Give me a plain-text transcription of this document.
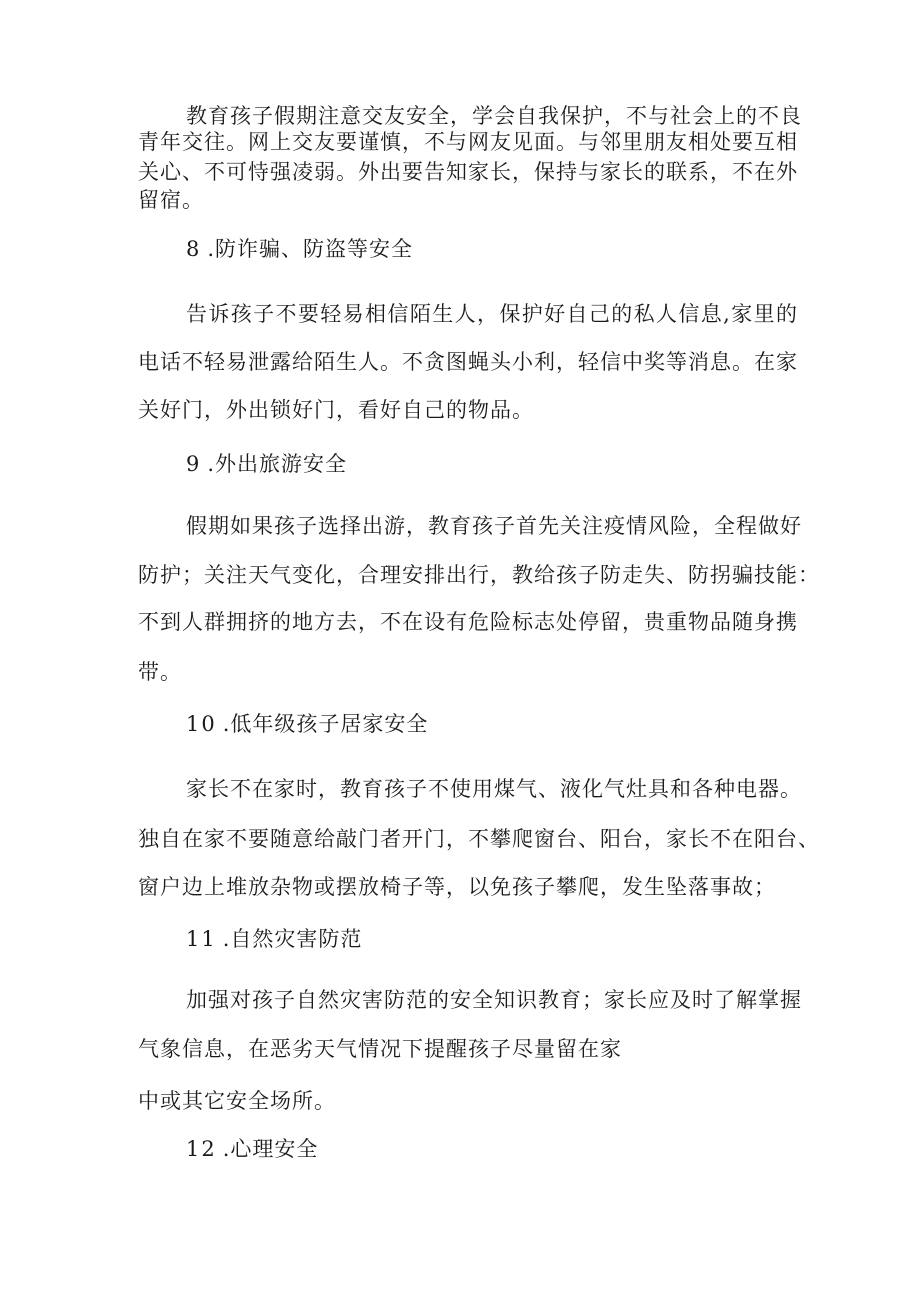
教育孩子假期注意交友安全，学会自我保护，不与社会上的不良
青年交往。网上交友要谨慎，不与网友见面。与邻里朋友相处要互相
关心、不可恃强凌弱。外出要告知家长，保持与家长的联系，不在外
留宿。
8 .防诈骗、防盗等安全
告诉孩子不要轻易相信陌生人，保护好自己的私人信息,家里的
电话不轻易泄露给陌生人。不贪图蝇头小利，轻信中奖等消息。在家
关好门，外出锁好门，看好自己的物品。
9 .外出旅游安全
假期如果孩子选择出游，教育孩子首先关注疫情风险，全程做好
防护；关注天气变化，合理安排出行，教给孩子防走失、防拐骗技能：
不到人群拥挤的地方去，不在设有危险标志处停留，贵重物品随身携
带。
10 .低年级孩子居家安全
家长不在家时，教育孩子不使用煤气、液化气灶具和各种电器。
独自在家不要随意给敲门者开门，不攀爬窗台、阳台，家长不在阳台、
窗户边上堆放杂物或摆放椅子等，以免孩子攀爬，发生坠落事故；
11 .自然灾害防范
加强对孩子自然灾害防范的安全知识教育；家长应及时了解掌握
气象信息，在恶劣天气情况下提醒孩子尽量留在家
中或其它安全场所。
12 .心理安全
